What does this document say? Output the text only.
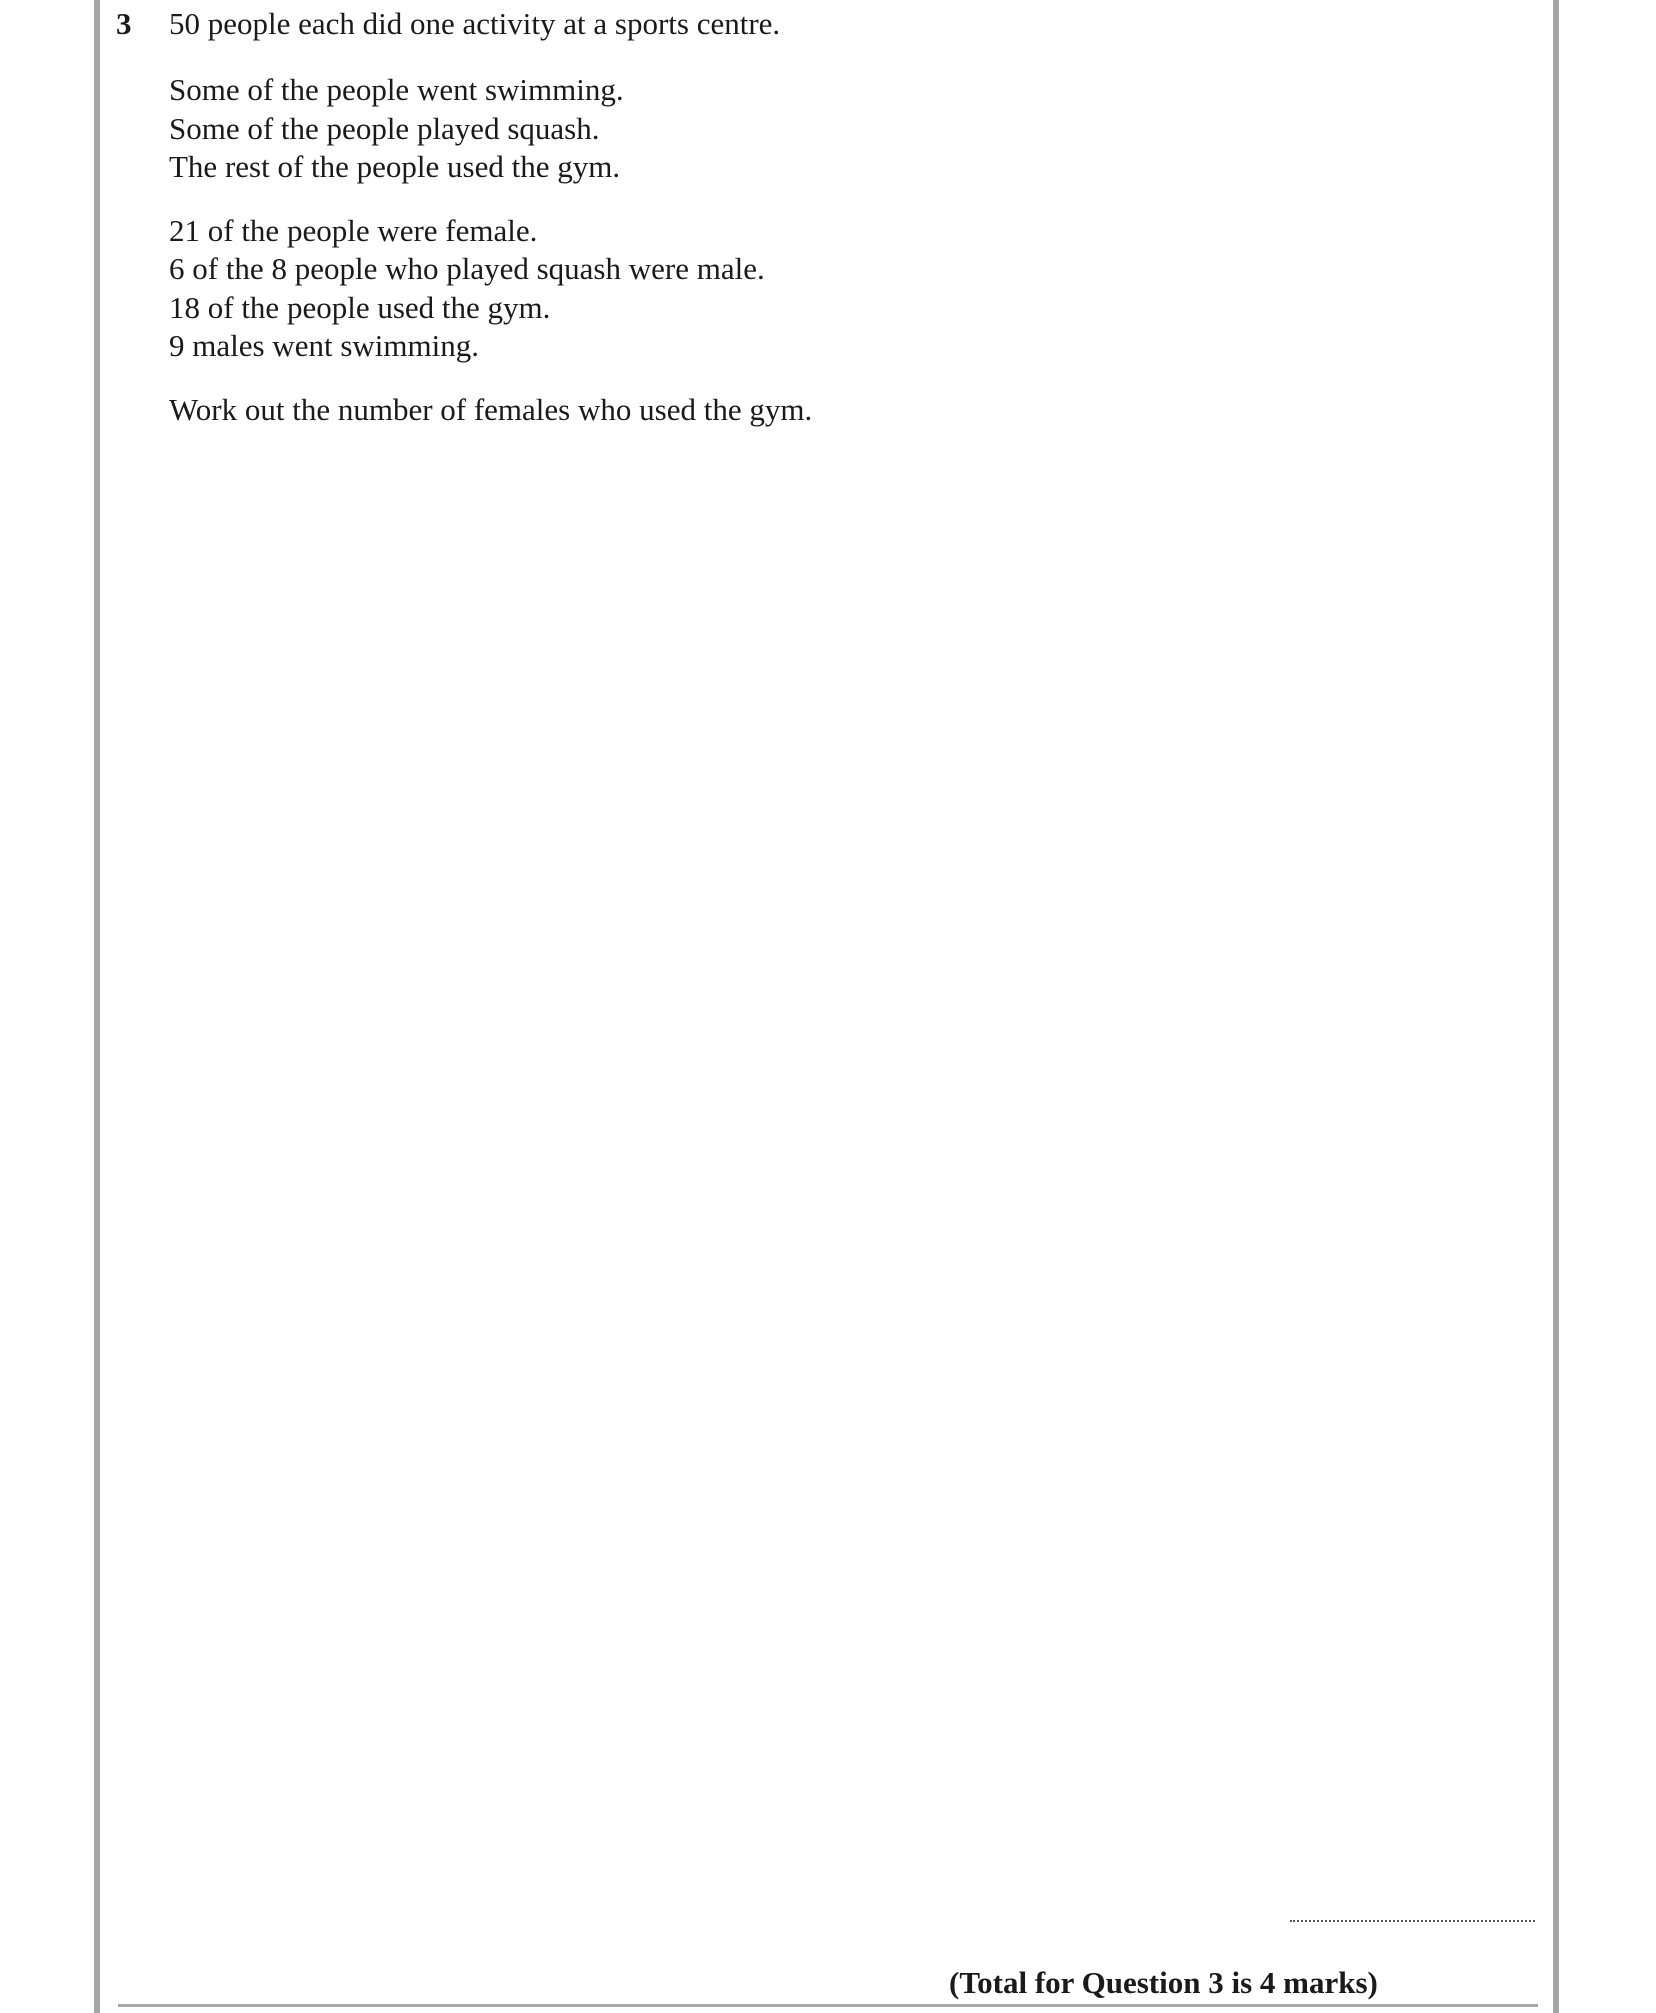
3 50 people each did one activity at a sports centre.
Some of the people went swimming.
Some of the people played squash.
The rest of the people used the gym.
21 of the people were female.
6 of the 8 people who played squash were male.
18 of the people used the gym.
9 males went swimming.
Work out the number of females who used the gym.
(Total for Question 3 is 4 marks)
